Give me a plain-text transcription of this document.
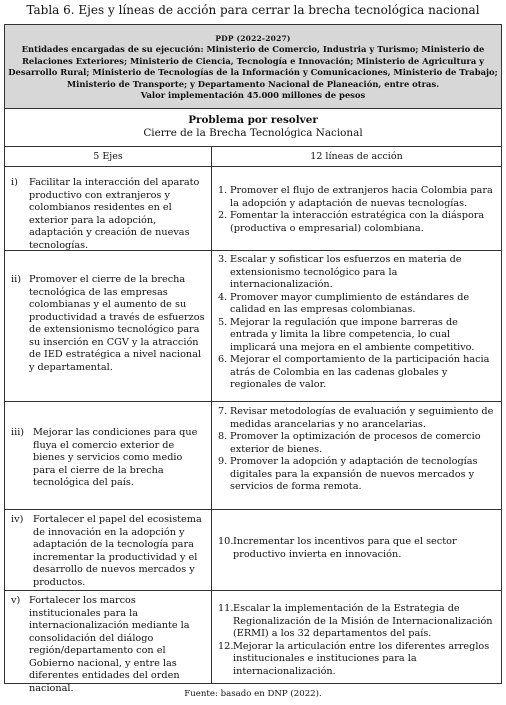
Tabla 6. Ejes y líneas de acción para cerrar la brecha tecnológica nacional
PDP (2022-2027)
Entidades encargadas de su ejecución: Ministerio de Comercio, Industria y Turismo; Ministerio de Relaciones Exteriores; Ministerio de Ciencia, Tecnología e Innovación; Ministerio de Agricultura y Desarrollo Rural; Ministerio de Tecnologías de la Información y Comunicaciones, Ministerio de Trabajo; Ministerio de Transporte; y Departamento Nacional de Planeación, entre otras.
Valor implementación 45.000 millones de pesos
Problema por resolver
Cierre de la Brecha Tecnológica Nacional
5 Ejes	12 líneas de acción
i)	Facilitar la interacción del aparato productivo con extranjeros y colombianos residentes en el exterior para la adopción, adaptación y creación de nuevas tecnologías.
1. Promover el flujo de extranjeros hacia Colombia para la adopción y adaptación de nuevas tecnologías.
2. Fomentar la interacción estratégica con la diáspora (productiva o empresarial) colombiana.
ii) Promover el cierre de la brecha tecnológica de las empresas colombianas y el aumento de su productividad a través de esfuerzos de extensionismo tecnológico para su inserción en CGV y la atracción de IED estratégica a nivel nacional y departamental.
3. Escalar y sofisticar los esfuerzos en materia de extensionismo tecnológico para la internacionalización.
4. Promover mayor cumplimiento de estándares de calidad en las empresas colombianas.
5. Mejorar la regulación que impone barreras de entrada y limita la libre competencia, lo cual implicará una mejora en el ambiente competitivo.
6. Mejorar el comportamiento de la participación hacia atrás de Colombia en las cadenas globales y regionales de valor.
iii) Mejorar las condiciones para que fluya el comercio exterior de bienes y servicios como medio para el cierre de la brecha tecnológica del país.
7. Revisar metodologías de evaluación y seguimiento de medidas arancelarias y no arancelarias.
8. Promover la optimización de procesos de comercio exterior de bienes.
9. Promover la adopción y adaptación de tecnologías digitales para la expansión de nuevos mercados y servicios de forma remota.
iv) Fortalecer el papel del ecosistema de innovación en la adopción y adaptación de la tecnología para incrementar la productividad y el desarrollo de nuevos mercados y productos.
10. Incrementar los incentivos para que el sector productivo invierta en innovación.
v) Fortalecer los marcos institucionales para la internacionalización mediante la consolidación del diálogo región/departamento con el Gobierno nacional, y entre las diferentes entidades del orden nacional.
11. Escalar la implementación de la Estrategia de Regionalización de la Misión de Internacionalización (ERMI) a los 32 departamentos del país.
12. Mejorar la articulación entre los diferentes arreglos institucionales e instituciones para la internacionalización.
Fuente: basado en DNP (2022).
